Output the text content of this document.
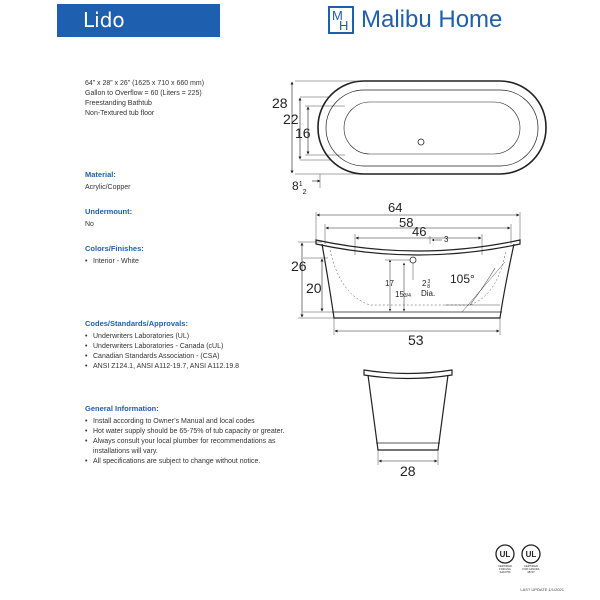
Lido	M
H Malibu Home
64” x 28” x 26” (1625 x 710 x 660 mm)
Gallon to Overflow = 60 (Liters = 225)
Freestanding Bathtub
Non-Textured tub floor
Material:
Acrylic/Copper
Undermount:
No
Colors/Finishes:
• Interior - White
Codes/Standards/Approvals:
• Underwriters Laboratories (UL)
• Underwriters Laboratories - Canada (cUL)
• Canadian Standards Association - (CSA)
• ANSI Z124.1, ANSI A112-19.7, ANSI A112.19.8
General Information:
• Install according to Owner’s Manual and local codes
• Hot water supply should be 65-75% of tub capacity or greater.
• Always consult your local plumber for recommendations as installations will vary.
• All specifications are subject to change without notice.
28
22
16
$8^1_2$
64
58
46
3
26
20	17
153/4
$2^3$ 8
Dia.
105°
53
28
UL
CERTIFIED
FOR USA
SA10750
UL
CERTIFIED
FOR CANADA
1B707
LAST UPDATE 1/1/2021
